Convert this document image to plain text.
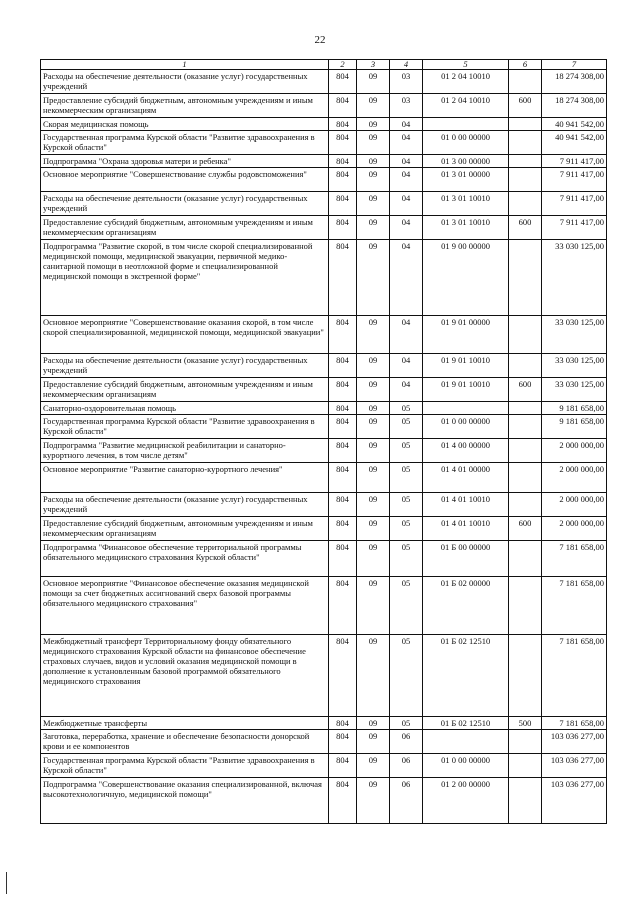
22
1	2	3	4	5	6	7
Расходы на обеспечение деятельности (оказание услуг) государственных учреждений	804	09	03	01 2 04 10010		18 274 308,00
Предоставление субсидий бюджетным, автономным учреждениям и иным некоммерческим организациям	804	09	03	01 2 04 10010	600	18 274 308,00
Скорая медицинская помощь	804	09	04			40 941 542,00
Государственная программа Курской области "Развитие здравоохранения в Курской области"	804	09	04	01 0 00 00000		40 941 542,00
Подпрограмма "Охрана здоровья матери и ребенка"	804	09	04	01 3 00 00000		7 911 417,00
Основное мероприятие "Совершенствование службы родовспоможения"	804	09	04	01 3 01 00000		7 911 417,00
Расходы на обеспечение деятельности (оказание услуг) государственных учреждений	804	09	04	01 3 01 10010		7 911 417,00
Предоставление субсидий бюджетным, автономным учреждениям и иным некоммерческим организациям	804	09	04	01 3 01 10010	600	7 911 417,00
Подпрограмма "Развитие скорой, в том числе скорой специализированной медицинской помощи, медицинской эвакуации, первичной медико-санитарной помощи в неотложной форме и специализированной медицинской помощи в экстренной форме"	804	09	04	01 9 00 00000		33 030 125,00
Основное мероприятие "Совершенствование оказания скорой, в том числе скорой специализированной, медицинской помощи, медицинской эвакуации"	804	09	04	01 9 01 00000		33 030 125,00
Расходы на обеспечение деятельности (оказание услуг) государственных учреждений	804	09	04	01 9 01 10010		33 030 125,00
Предоставление субсидий бюджетным, автономным учреждениям и иным некоммерческим организациям	804	09	04	01 9 01 10010	600	33 030 125,00
Санаторно-оздоровительная помощь	804	09	05			9 181 658,00
Государственная программа Курской области "Развитие здравоохранения в Курской области"	804	09	05	01 0 00 00000		9 181 658,00
Подпрограмма "Развитие медицинской реабилитации и санаторно-курортного лечения, в том числе детям"	804	09	05	01 4 00 00000		2 000 000,00
Основное мероприятие "Развитие санаторно-курортного лечения"	804	09	05	01 4 01 00000		2 000 000,00
Расходы на обеспечение деятельности (оказание услуг) государственных учреждений	804	09	05	01 4 01 10010		2 000 000,00
Предоставление субсидий бюджетным, автономным учреждениям и иным некоммерческим организациям	804	09	05	01 4 01 10010	600	2 000 000,00
Подпрограмма "Финансовое обеспечение территориальной программы обязательного медицинского страхования Курской области"	804	09	05	01 Б 00 00000		7 181 658,00
Основное мероприятие "Финансовое обеспечение оказания медицинской помощи за счет бюджетных ассигнований сверх базовой программы обязательного медицинского страхования"	804	09	05	01 Б 02 00000		7 181 658,00
Межбюджетный трансферт Территориальному фонду обязательного медицинского страхования Курской области на финансовое обеспечение страховых случаев, видов и условий оказания медицинской помощи в дополнение к установленным базовой программой обязательного медицинского страхования	804	09	05	01 Б 02 12510		7 181 658,00
Межбюджетные трансферты	804	09	05	01 Б 02 12510	500	7 181 658,00
Заготовка, переработка, хранение и обеспечение безопасности донорской крови и ее компонентов	804	09	06			103 036 277,00
Государственная программа Курской области "Развитие здравоохранения в Курской области"	804	09	06	01 0 00 00000		103 036 277,00
Подпрограмма "Совершенствование оказания специализированной, включая высокотехнологичную, медицинской помощи"	804	09	06	01 2 00 00000		103 036 277,00
